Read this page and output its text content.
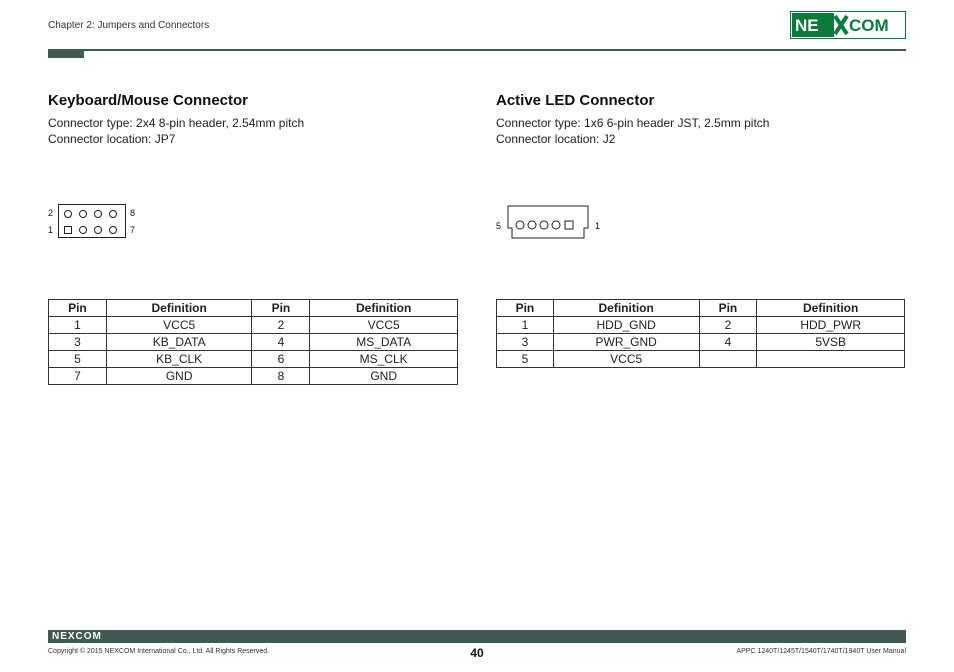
Chapter 2: Jumpers and Connectors	NE COM
Keyboard/Mouse Connector
Connector type: 2x4 8-pin header, 2.54mm pitch
Connector location: JP7
2
1
8
7
Pin	Definition	Pin	Definition
1	VCC5	2	VCC5
3	KB_DATA	4	MS_DATA
5	KB_CLK	6	MS_CLK
7	GND	8	GND
Active LED Connector
Connector type: 1x6 6-pin header JST, 2.5mm pitch
Connector location: J2
5	1
Pin	Definition	Pin	Definition
1	HDD_GND	2	HDD_PWR
3	PWR_GND	4	5VSB
5	VCC5		
NEXCOM
Copyright © 2015 NEXCOM International Co., Ltd. All Rights Reserved.	40	APPC 1240T/1245T/1540T/1740T/1940T User Manual
